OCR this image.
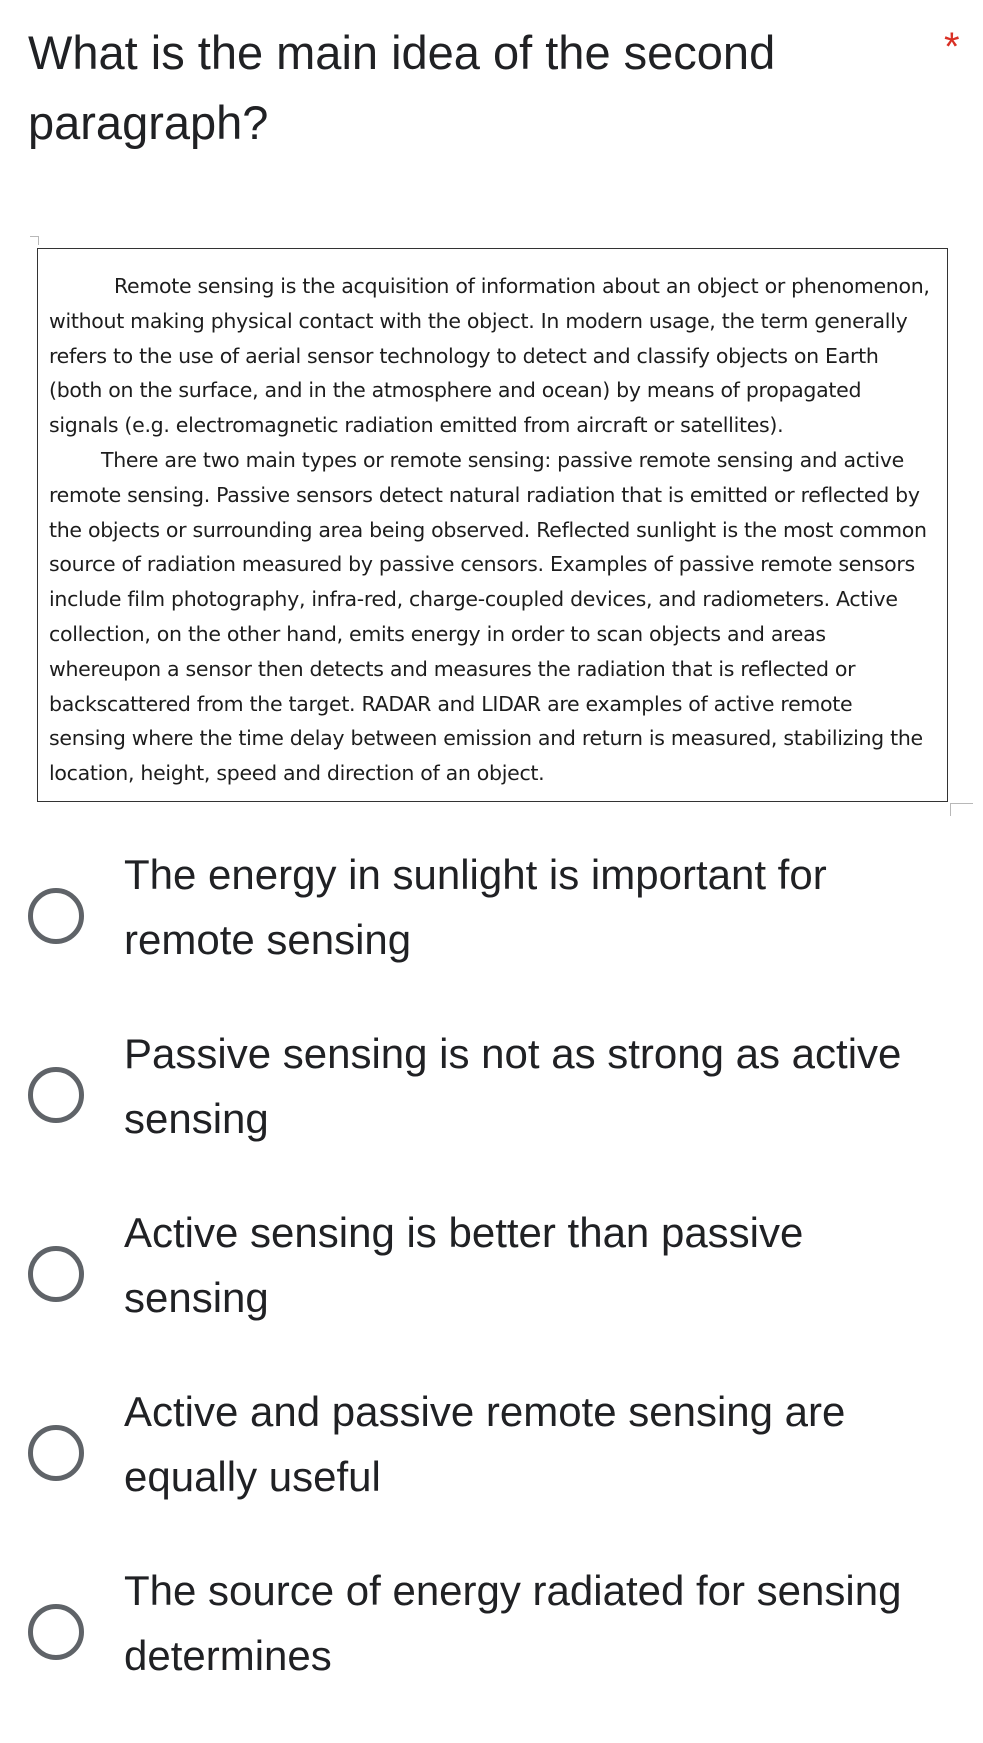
What is the main idea of the second paragraph?
*

Remote sensing is the acquisition of information about an object or phenomenon, without making physical contact with the object. In modern usage, the term generally refers to the use of aerial sensor technology to detect and classify objects on Earth (both on the surface, and in the atmosphere and ocean) by means of propagated signals (e.g. electromagnetic radiation emitted from aircraft or satellites).

There are two main types or remote sensing: passive remote sensing and active remote sensing. Passive sensors detect natural radiation that is emitted or reflected by the objects or surrounding area being observed. Reflected sunlight is the most common source of radiation measured by passive censors. Examples of passive remote sensors include film photography, infra-red, charge-coupled devices, and radiometers. Active collection, on the other hand, emits energy in order to scan objects and areas whereupon a sensor then detects and measures the radiation that is reflected or backscattered from the target. RADAR and LIDAR are examples of active remote sensing where the time delay between emission and return is measured, stabilizing the location, height, speed and direction of an object.

The energy in sunlight is important for remote sensing
Passive sensing is not as strong as active sensing
Active sensing is better than passive sensing
Active and passive remote sensing are equally useful
The source of energy radiated for sensing determines
